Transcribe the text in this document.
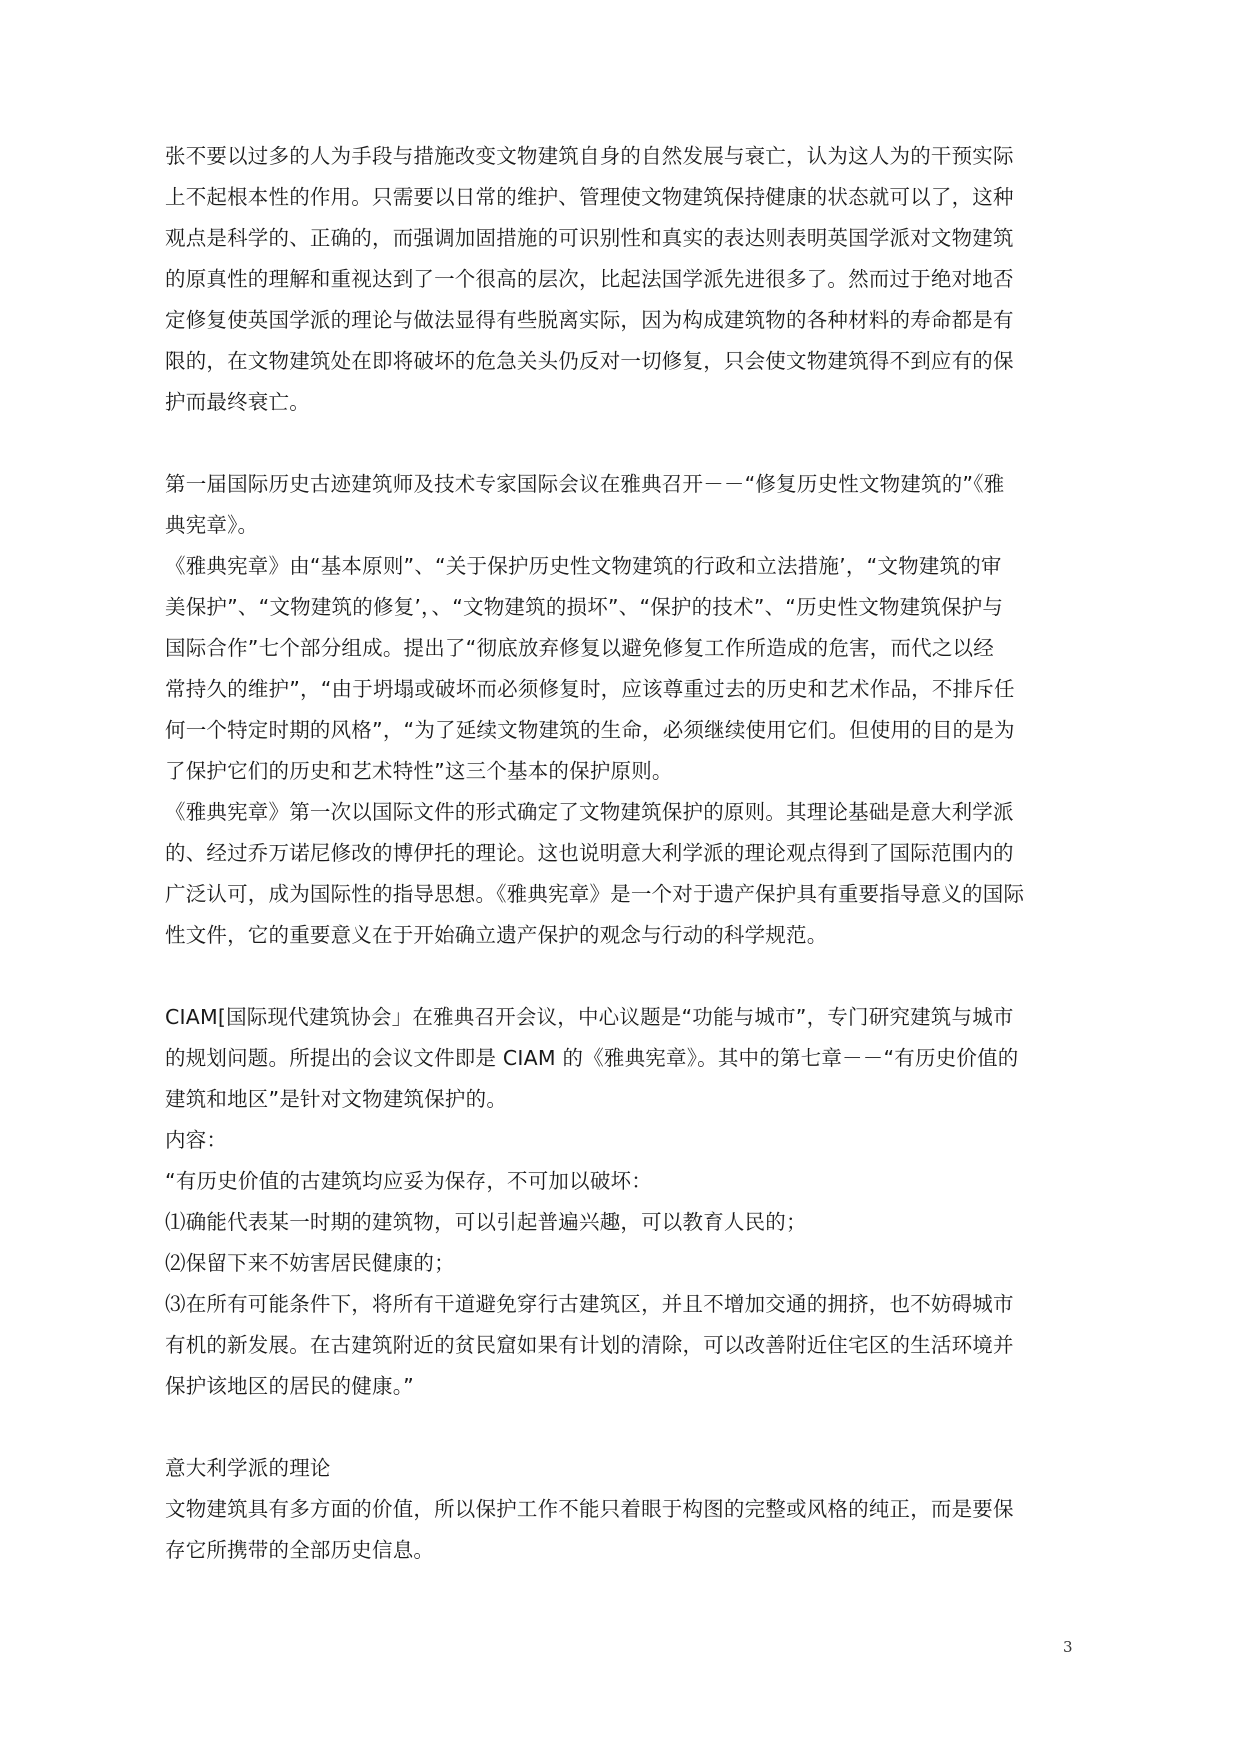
张不要以过多的人为手段与措施改变文物建筑自身的自然发展与衰亡，认为这人为的干预实际
上不起根本性的作用。只需要以日常的维护、管理使文物建筑保持健康的状态就可以了，这种
观点是科学的、正确的，而强调加固措施的可识别性和真实的表达则表明英国学派对文物建筑
的原真性的理解和重视达到了一个很高的层次，比起法国学派先进很多了。然而过于绝对地否
定修复使英国学派的理论与做法显得有些脱离实际，因为构成建筑物的各种材料的寿命都是有
限的，在文物建筑处在即将破坏的危急关头仍反对一切修复，只会使文物建筑得不到应有的保
护而最终衰亡。
第一届国际历史古迹建筑师及技术专家国际会议在雅典召开－－“修复历史性文物建筑的”《雅
典宪章》。
《雅典宪章》由“基本原则”、“关于保护历史性文物建筑的行政和立法措施’，“文物建筑的审
美保护”、“文物建筑的修复’，、“文物建筑的损坏”、“保护的技术”、“历史性文物建筑保护与
国际合作”七个部分组成。提出了“彻底放弃修复以避免修复工作所造成的危害，而代之以经
常持久的维护”，“由于坍塌或破坏而必须修复时，应该尊重过去的历史和艺术作品，不排斥任
何一个特定时期的风格”，“为了延续文物建筑的生命，必须继续使用它们。但使用的目的是为
了保护它们的历史和艺术特性”这三个基本的保护原则。
《雅典宪章》第一次以国际文件的形式确定了文物建筑保护的原则。其理论基础是意大利学派
的、经过乔万诺尼修改的博伊托的理论。这也说明意大利学派的理论观点得到了国际范围内的
广泛认可，成为国际性的指导思想。《雅典宪章》是一个对于遗产保护具有重要指导意义的国际
性文件，它的重要意义在于开始确立遗产保护的观念与行动的科学规范。
CIAM[国际现代建筑协会」在雅典召开会议，中心议题是“功能与城市”，专门研究建筑与城市
的规划问题。所提出的会议文件即是 CIAM 的《雅典宪章》。其中的第七章－－“有历史价值的
建筑和地区”是针对文物建筑保护的。
内容：
“有历史价值的古建筑均应妥为保存，不可加以破坏：
⑴确能代表某一时期的建筑物，可以引起普遍兴趣，可以教育人民的；
⑵保留下来不妨害居民健康的；
⑶在所有可能条件下，将所有干道避免穿行古建筑区，并且不增加交通的拥挤，也不妨碍城市
有机的新发展。在古建筑附近的贫民窟如果有计划的清除，可以改善附近住宅区的生活环境并
保护该地区的居民的健康。”
意大利学派的理论
文物建筑具有多方面的价值，所以保护工作不能只着眼于构图的完整或风格的纯正，而是要保
存它所携带的全部历史信息。
3
